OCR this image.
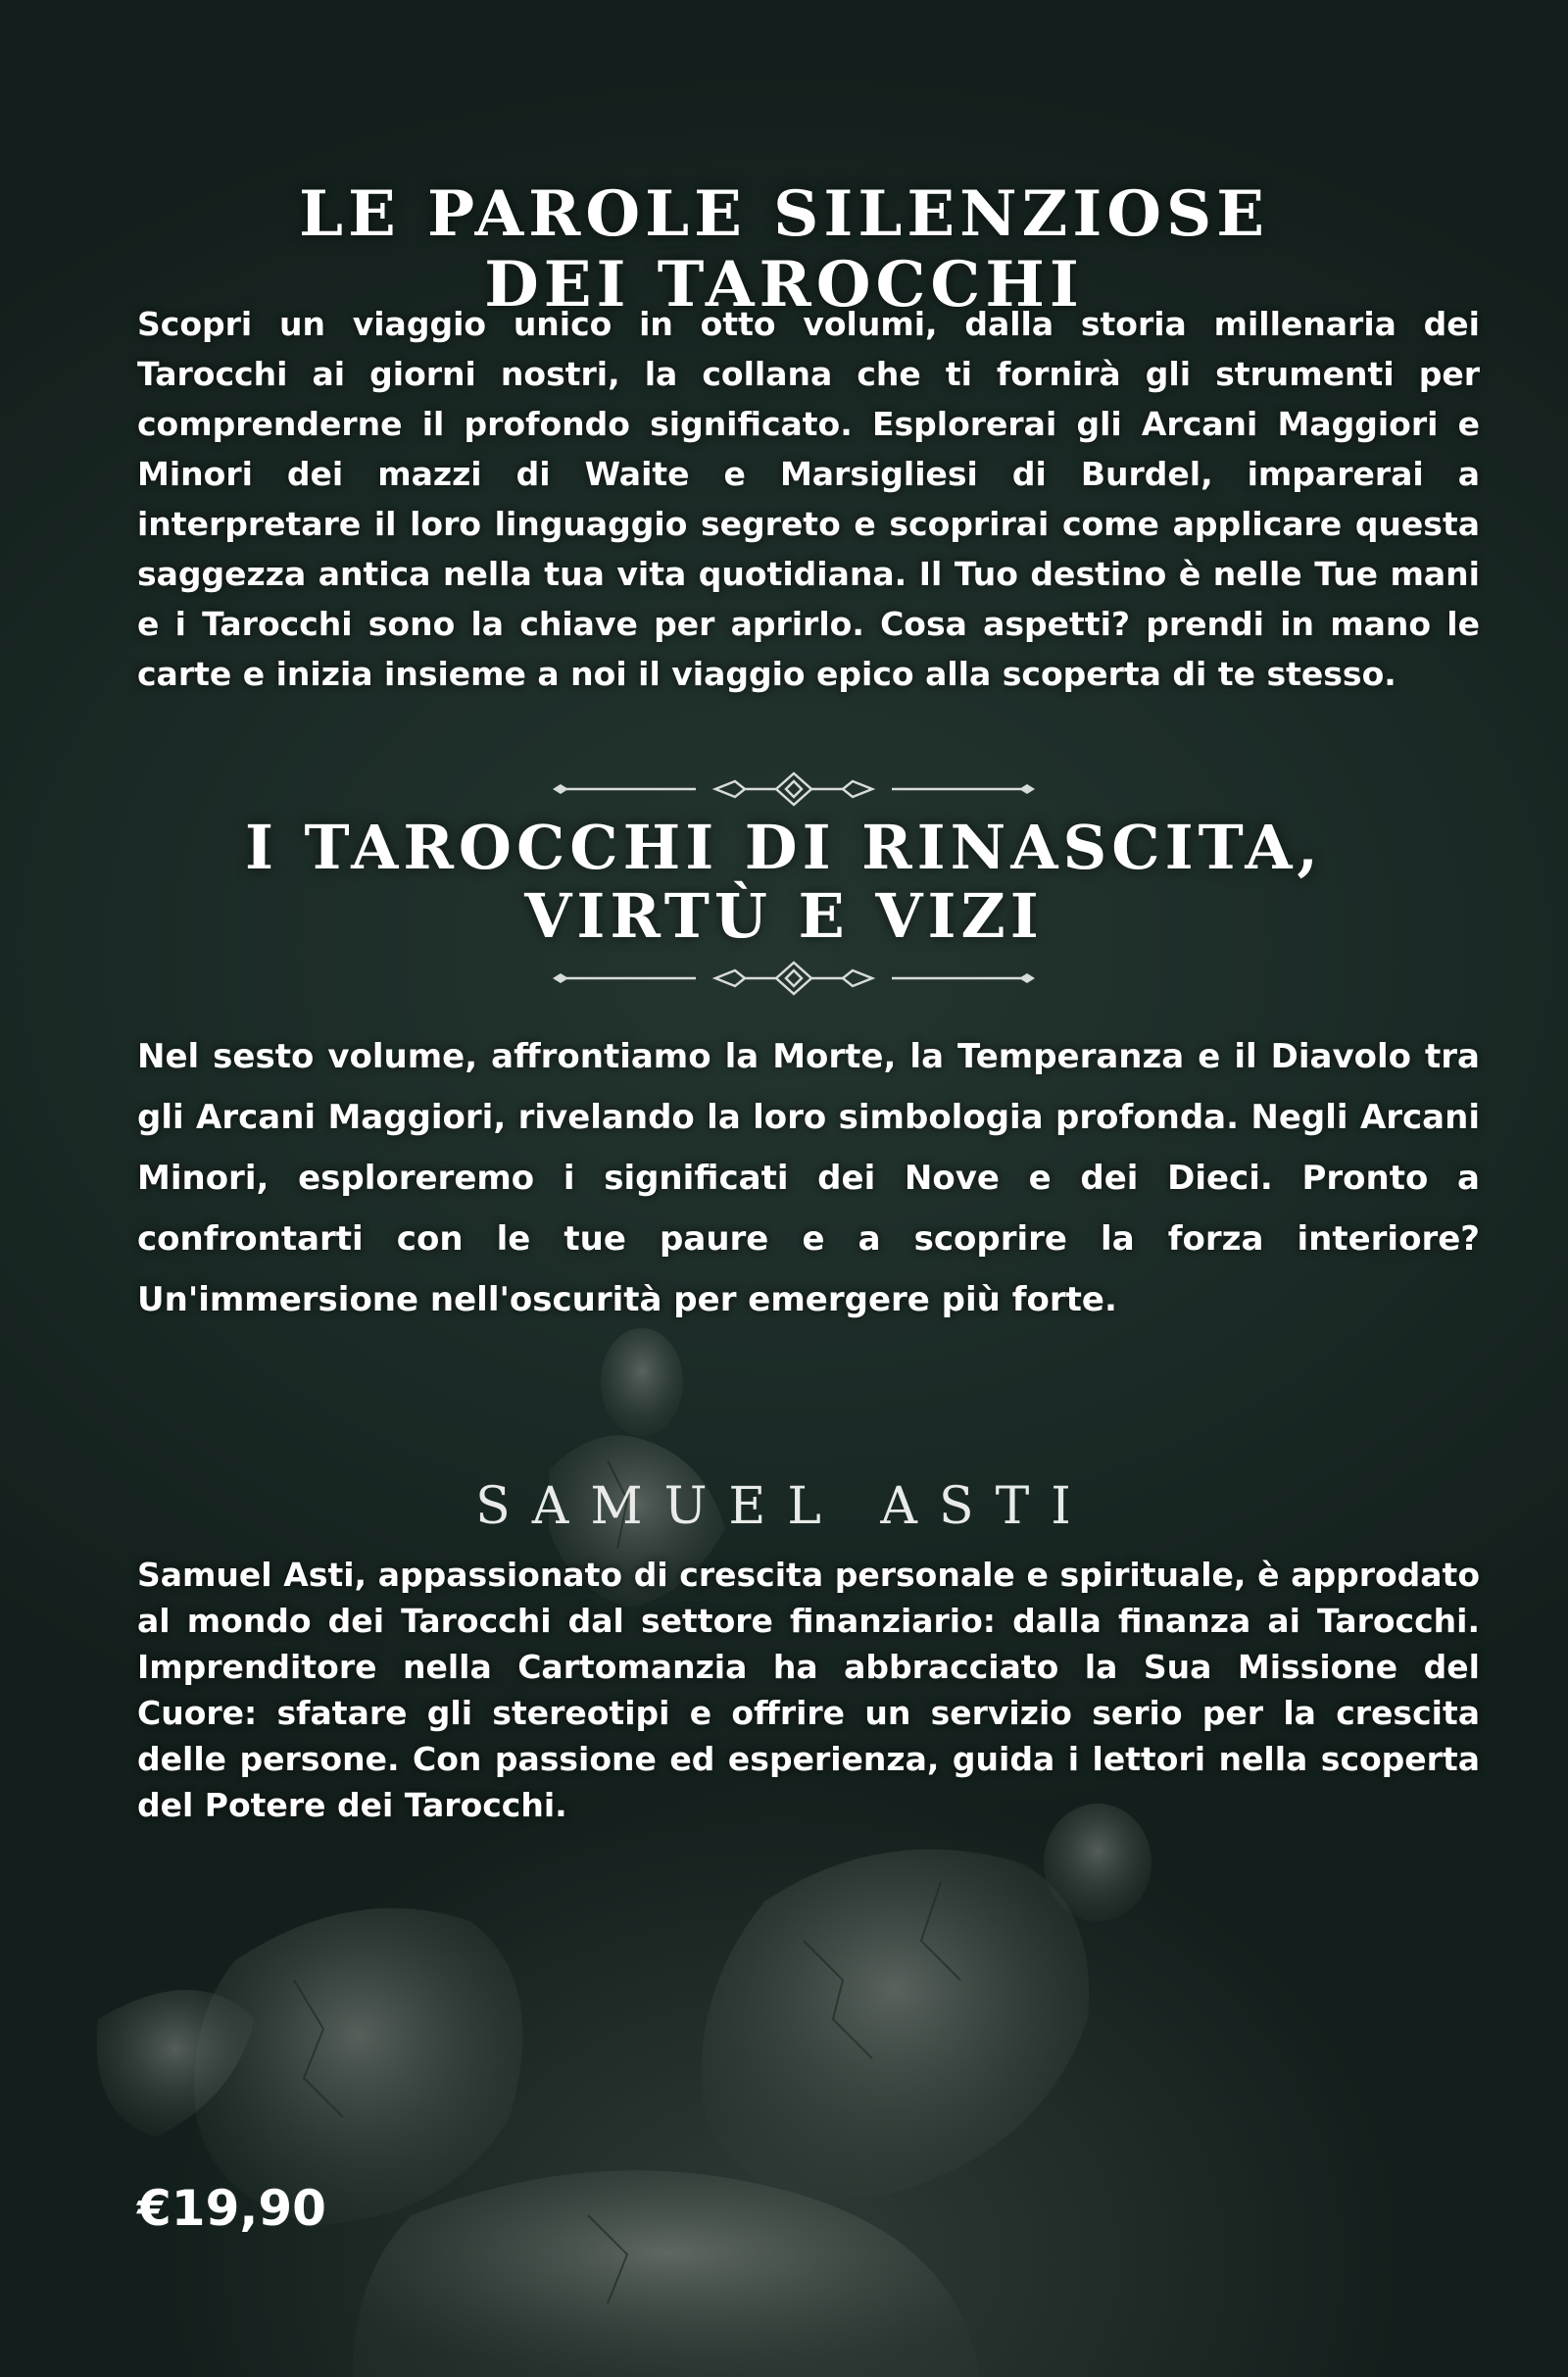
LE PAROLE SILENZIOSE
DEI TAROCCHI

Scopri un viaggio unico in otto volumi, dalla storia millenaria dei Tarocchi ai giorni nostri, la collana che ti fornirà gli strumenti per comprenderne il profondo significato. Esplorerai gli Arcani Maggiori e Minori dei mazzi di Waite e Marsigliesi di Burdel, imparerai a interpretare il loro linguaggio segreto e scoprirai come applicare questa saggezza antica nella tua vita quotidiana. Il Tuo destino è nelle Tue mani e i Tarocchi sono la chiave per aprirlo. Cosa aspetti? prendi in mano le carte e inizia insieme a noi il viaggio epico alla scoperta di te stesso.

I TAROCCHI DI RINASCITA,
VIRTÙ E VIZI

Nel sesto volume, affrontiamo la Morte, la Temperanza e il Diavolo tra gli Arcani Maggiori, rivelando la loro simbologia profonda. Negli Arcani Minori, esploreremo i significati dei Nove e dei Dieci. Pronto a confrontarti con le tue paure e a scoprire la forza interiore? Un'immersione nell'oscurità per emergere più forte.

SAMUEL ASTI

Samuel Asti, appassionato di crescita personale e spirituale, è approdato al mondo dei Tarocchi dal settore finanziario: dalla finanza ai Tarocchi. Imprenditore nella Cartomanzia ha abbracciato la Sua Missione del Cuore: sfatare gli stereotipi e offrire un servizio serio per la crescita delle persone. Con passione ed esperienza, guida i lettori nella scoperta del Potere dei Tarocchi.

€19,90
